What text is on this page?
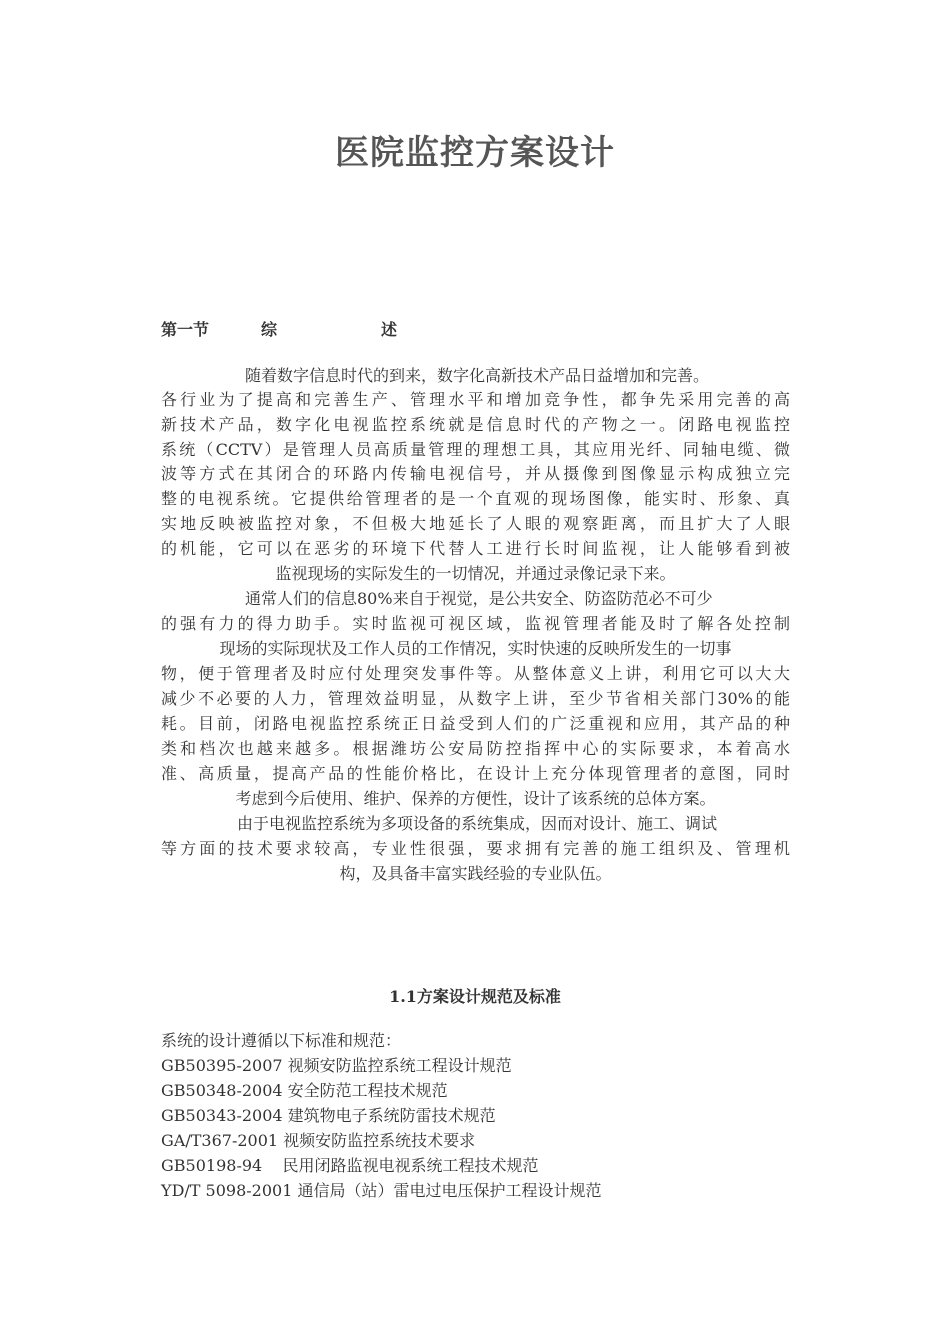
医院监控方案设计
第一节	综	述
随着数字信息时代的到来，数字化高新技术产品日益增加和完善。
各行业为了提高和完善生产、管理水平和增加竞争性，都争先采用完善的高
新技术产品，数字化电视监控系统就是信息时代的产物之一。闭路电视监控
系统（CCTV）是管理人员高质量管理的理想工具，其应用光纤、同轴电缆、微
波等方式在其闭合的环路内传输电视信号，并从摄像到图像显示构成独立完
整的电视系统。它提供给管理者的是一个直观的现场图像，能实时、形象、真
实地反映被监控对象，不但极大地延长了人眼的观察距离，而且扩大了人眼
的机能，它可以在恶劣的环境下代替人工进行长时间监视，让人能够看到被
监视现场的实际发生的一切情况，并通过录像记录下来。
通常人们的信息80%来自于视觉，是公共安全、防盗防范必不可少
的强有力的得力助手。实时监视可视区域，监视管理者能及时了解各处控制
现场的实际现状及工作人员的工作情况，实时快速的反映所发生的一切事
物，便于管理者及时应付处理突发事件等。从整体意义上讲，利用它可以大大
减少不必要的人力，管理效益明显，从数字上讲，至少节省相关部门30%的能
耗。目前，闭路电视监控系统正日益受到人们的广泛重视和应用，其产品的种
类和档次也越来越多。根据潍坊公安局防控指挥中心的实际要求，本着高水
准、高质量，提高产品的性能价格比，在设计上充分体现管理者的意图，同时
考虑到今后使用、维护、保养的方便性，设计了该系统的总体方案。
由于电视监控系统为多项设备的系统集成，因而对设计、施工、调试
等方面的技术要求较高，专业性很强，要求拥有完善的施工组织及、管理机
构，及具备丰富实践经验的专业队伍。
1.1方案设计规范及标准
系统的设计遵循以下标准和规范：
GB50395-2007 视频安防监控系统工程设计规范
GB50348-2004 安全防范工程技术规范
GB50343-2004 建筑物电子系统防雷技术规范
GA/T367-2001 视频安防监控系统技术要求
GB50198-94 民用闭路监视电视系统工程技术规范
YD/T 5098-2001 通信局（站）雷电过电压保护工程设计规范
